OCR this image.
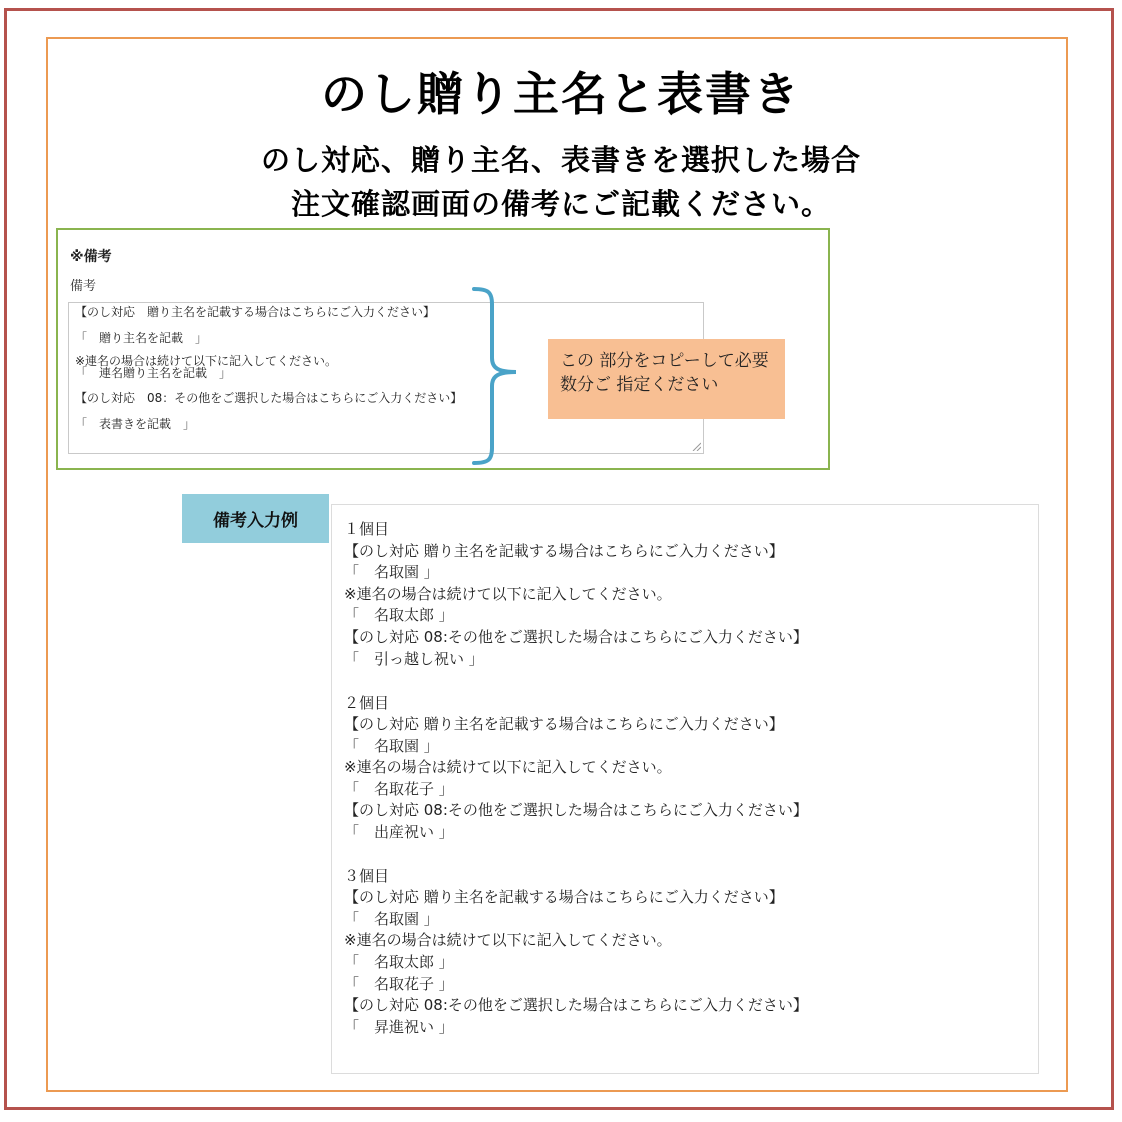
のし贈り主名と表書き
のし対応、贈り主名、表書きを選択した場合
注文確認画面の備考にご記載ください。
※備考
備考
【のし対応　贈り主名を記載する場合はこちらにご入力ください】
「　贈り主名を記載　」
※連名の場合は続けて以下に記入してください。
「　連名贈り主名を記載　」
【のし対応　08：その他をご選択した場合はこちらにご入力ください】
「　表書きを記載　」
この 部分をコピーして必要
数分ご 指定ください
備考入力例	１個目
【のし対応 贈り主名を記載する場合はこちらにご入力ください】
「　名取園 」
※連名の場合は続けて以下に記入してください。
「　名取太郎 」
【のし対応 08:その他をご選択した場合はこちらにご入力ください】
「　引っ越し祝い 」
２個目
【のし対応 贈り主名を記載する場合はこちらにご入力ください】
「　名取園 」
※連名の場合は続けて以下に記入してください。
「　名取花子 」
【のし対応 08:その他をご選択した場合はこちらにご入力ください】
「　出産祝い 」
３個目
【のし対応 贈り主名を記載する場合はこちらにご入力ください】
「　名取園 」
※連名の場合は続けて以下に記入してください。
「　名取太郎 」
「　名取花子 」
【のし対応 08:その他をご選択した場合はこちらにご入力ください】
「　昇進祝い 」
